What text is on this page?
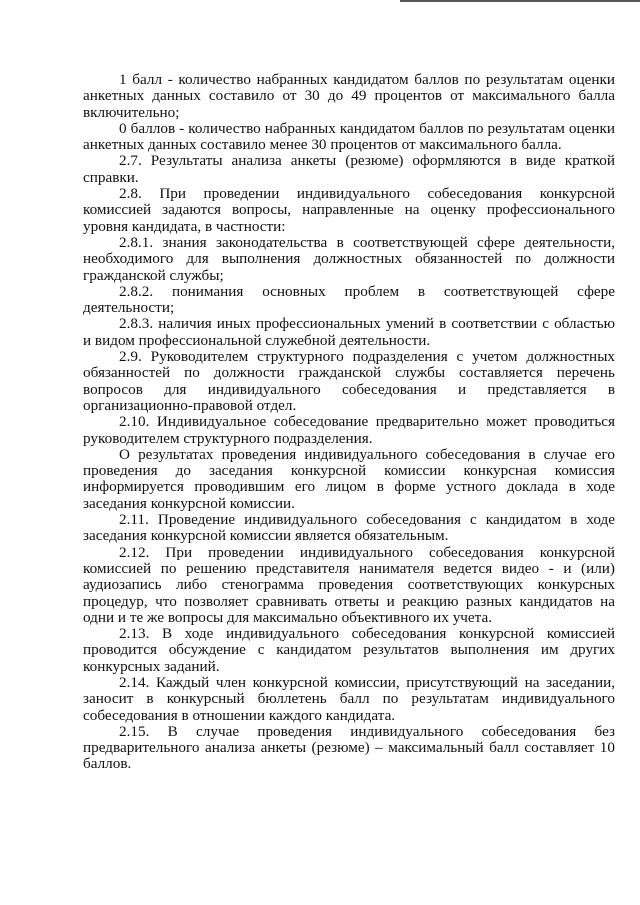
1 балл - количество набранных кандидатом баллов по результатам оценки анкетных данных составило от 30 до 49 процентов от максимального балла включительно;

0 баллов - количество набранных кандидатом баллов по результатам оценки анкетных данных составило менее 30 процентов от максимального балла.

2.7. Результаты анализа анкеты (резюме) оформляются в виде краткой справки.

2.8. При проведении индивидуального собеседования конкурсной комиссией задаются вопросы, направленные на оценку профессионального уровня кандидата, в частности:

2.8.1. знания законодательства в соответствующей сфере деятельности, необходимого для выполнения должностных обязанностей по должности гражданской службы;

2.8.2. понимания основных проблем в соответствующей сфере деятельности;

2.8.3. наличия иных профессиональных умений в соответствии с областью и видом профессиональной служебной деятельности.

2.9. Руководителем структурного подразделения с учетом должностных обязанностей по должности гражданской службы составляется перечень вопросов для индивидуального собеседования и представляется в организационно-правовой отдел.

2.10. Индивидуальное собеседование предварительно может проводиться руководителем структурного подразделения.

О результатах проведения индивидуального собеседования в случае его проведения до заседания конкурсной комиссии конкурсная комиссия информируется проводившим его лицом в форме устного доклада в ходе заседания конкурсной комиссии.

2.11. Проведение индивидуального собеседования с кандидатом в ходе заседания конкурсной комиссии является обязательным.

2.12. При проведении индивидуального собеседования конкурсной комиссией по решению представителя нанимателя ведется видео - и (или) аудиозапись либо стенограмма проведения соответствующих конкурсных процедур, что позволяет сравнивать ответы и реакцию разных кандидатов на одни и те же вопросы для максимально объективного их учета.

2.13. В ходе индивидуального собеседования конкурсной комиссией проводится обсуждение с кандидатом результатов выполнения им других конкурсных заданий.

2.14. Каждый член конкурсной комиссии, присутствующий на заседании, заносит в конкурсный бюллетень балл по результатам индивидуального собеседования в отношении каждого кандидата.

2.15. В случае проведения индивидуального собеседования без предварительного анализа анкеты (резюме) – максимальный балл составляет 10 баллов.
